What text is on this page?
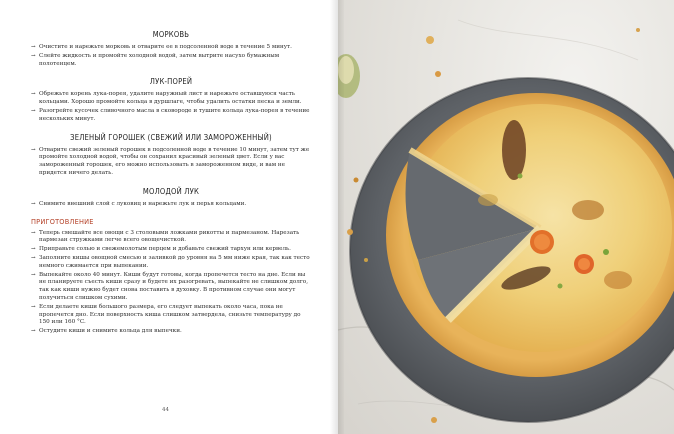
МОРКОВЬ
→ Очистите и нарежьте морковь и отварите ее в подсоленной воде в течение 5 минут.
→ Слейте жидкость и промойте холодной водой, затем вытрите насухо бумажным полотенцем.
ЛУК-ПОРЕЙ
→ Обрежьте корень лука-порея, удалите наружный лист и нарежьте оставшуюся часть кольцами. Хорошо промойте кольца в дуршлаге, чтобы удалить остатки песка и земли.
→ Разогрейте кусочек сливочного масла в сковороде и тушите кольца лука-порея в течение нескольких минут.
ЗЕЛЕНЫЙ ГОРОШЕК (СВЕЖИЙ ИЛИ ЗАМОРОЖЕННЫЙ)
→ Отварите свежий зеленый горошек в подсоленной воде в течение 10 минут, затем тут же промойте холодной водой, чтобы он сохранил красивый зеленый цвет. Если у вас замороженный горошек, его можно использовать в замороженном виде, и вам не придется ничего делать.
МОЛОДОЙ ЛУК
→ Снимите внешний слой с луковиц и нарежьте лук и перья кольцами.
ПРИГОТОВЛЕНИЕ
→ Теперь смешайте все овощи с 3 столовыми ложками рикотты и пармезаном. Нарезать пармезан стружками легче всего овощечисткой.
→ Приправьте солью и свежемолотым перцем и добавьте свежий тархун или кервель.
→ Заполните кишы овощной смесью и заливкой до уровня на 5 мм ниже края, так как тесто немного сжимается при выпекании.
→ Выпекайте около 40 минут. Киши будут готовы, когда пропечется тесто на дне. Если вы не планируете съесть киши сразу и будете их разогревать, выпекайте не слишком долго, так как киши нужно будет снова поставить в духовку. В противном случае они могут получиться слишком сухими.
→ Если делаете киши большого размера, его следует выпекать около часа, пока не пропечется дно. Если поверхность киша слишком затвердела, снизьте температуру до 150 или 160 °C.
→ Остудите киши и снимите кольца для выпечки.
44
